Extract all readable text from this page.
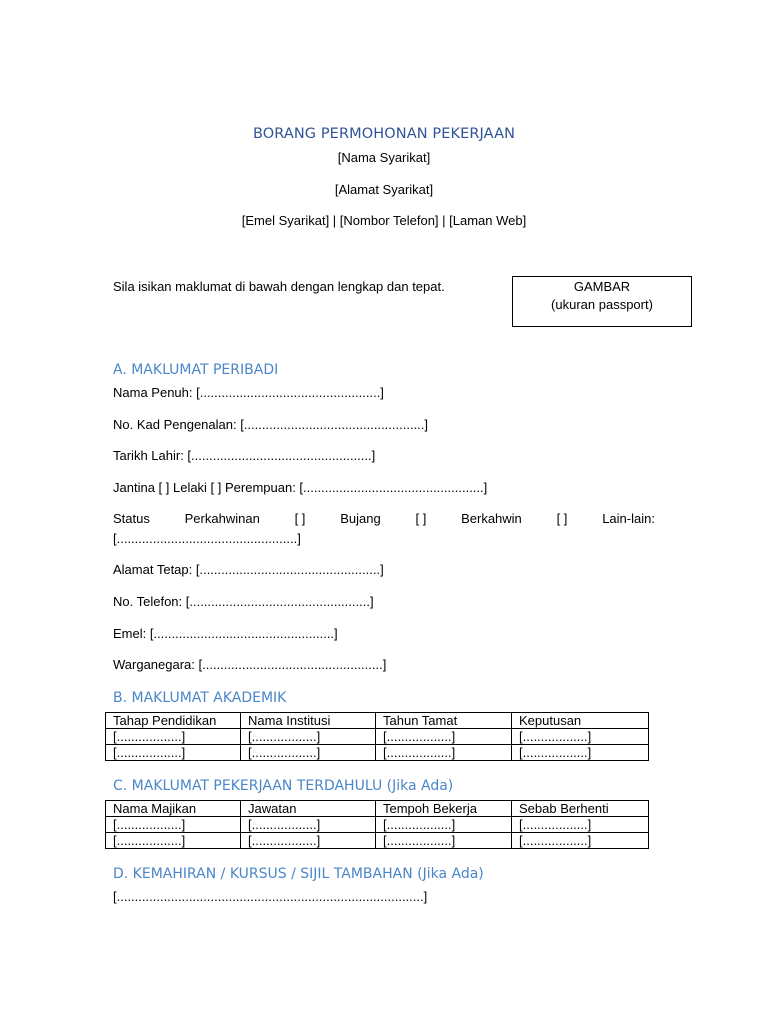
BORANG PERMOHONAN PEKERJAAN
[Nama Syarikat]
[Alamat Syarikat]
[Emel Syarikat] | [Nombor Telefon] | [Laman Web]
Sila isikan maklumat di bawah dengan lengkap dan tepat.	GAMBAR
(ukuran passport)
A. MAKLUMAT PERIBADI
Nama Penuh: [..................................................]
No. Kad Pengenalan: [..................................................]
Tarikh Lahir: [..................................................]
Jantina [ ] Lelaki [ ] Perempuan: [..................................................]
Status	Perkahwinan	[ ]	Bujang	[ ]	Berkahwin	[ ]	Lain-lain:
[..................................................]
Alamat Tetap: [..................................................]
No. Telefon: [..................................................]
Emel: [..................................................]
Warganegara: [..................................................]
B. MAKLUMAT AKADEMIK
Tahap Pendidikan	Nama Institusi	Tahun Tamat	Keputusan
[..................]	[..................]	[..................]	[..................]
[..................]	[..................]	[..................]	[..................]
C. MAKLUMAT PEKERJAAN TERDAHULU (Jika Ada)
Nama Majikan	Jawatan	Tempoh Bekerja	Sebab Berhenti
[..................]	[..................]	[..................]	[..................]
[..................]	[..................]	[..................]	[..................]
D. KEMAHIRAN / KURSUS / SIJIL TAMBAHAN (Jika Ada)
[.....................................................................................]
